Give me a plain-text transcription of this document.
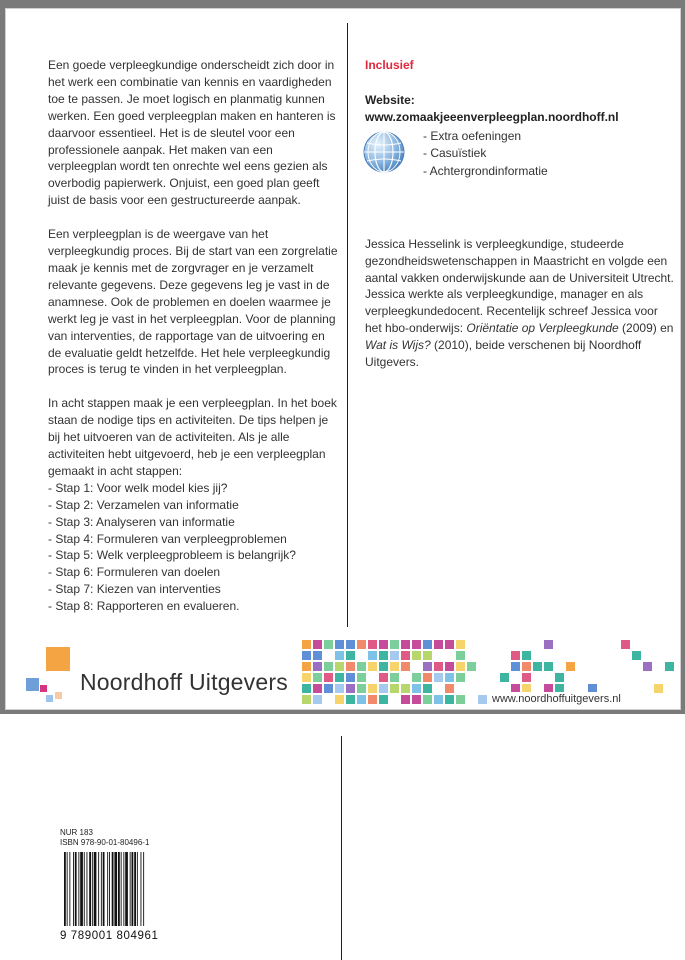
Een goede verpleegkundige onderscheidt zich door in het werk een combinatie van kennis en vaardigheden toe te passen. Je moet logisch en planmatig kunnen werken. Een goed verpleegplan maken en hanteren is daarvoor essentieel. Het is de sleutel voor een professionele aanpak. Het maken van een verpleegplan wordt ten onrechte wel eens gezien als overbodig papierwerk. Onjuist, een goed plan geeft juist de basis voor een gestructureerde aanpak.

Een verpleegplan is de weergave van het verpleegkundig proces. Bij de start van een zorgrelatie maak je kennis met de zorgvrager en je verzamelt relevante gegevens. Deze gegevens leg je vast in de anamnese. Ook de problemen en doelen waarmee je werkt leg je vast in het verpleegplan. Voor de planning van interventies, de rapportage van de uitvoering en de evaluatie geldt hetzelfde. Het hele verpleegkundig proces is terug te vinden in het verpleegplan.

In acht stappen maak je een verpleegplan. In het boek staan de nodige tips en activiteiten. De tips helpen je bij het uitvoeren van de activiteiten. Als je alle activiteiten hebt uitgevoerd, heb je een verpleegplan gemaakt in acht stappen:

- Stap 1: Voor welk model kies jij?
- Stap 2: Verzamelen van informatie
- Stap 3: Analyseren van informatie
- Stap 4: Formuleren van verpleegproblemen
- Stap 5: Welk verpleegprobleem is belangrijk?
- Stap 6: Formuleren van doelen
- Stap 7: Kiezen van interventies
- Stap 8: Rapporteren en evalueren.
Inclusief
Website:
www.zomaakjeeenverpleegplan.noordhoff.nl
- Extra oefeningen
- Casuïstiek
- Achtergrondinformatie

Jessica Hesselink is verpleegkundige, studeerde gezondheidswetenschappen in Maastricht en volgde een aantal vakken onderwijskunde aan de Universiteit Utrecht. Jessica werkte als verpleegkundige, manager en als verpleegkundedocent. Recentelijk schreef Jessica voor het hbo-onderwijs: Oriëntatie op Verpleegkunde (2009) en Wat is Wijs? (2010), beide verschenen bij Noordhoff Uitgevers.

Noordhoff Uitgevers
www.noordhoffuitgevers.nl
NUR 183
ISBN 978-90-01-80496-1
9 789001 804961
